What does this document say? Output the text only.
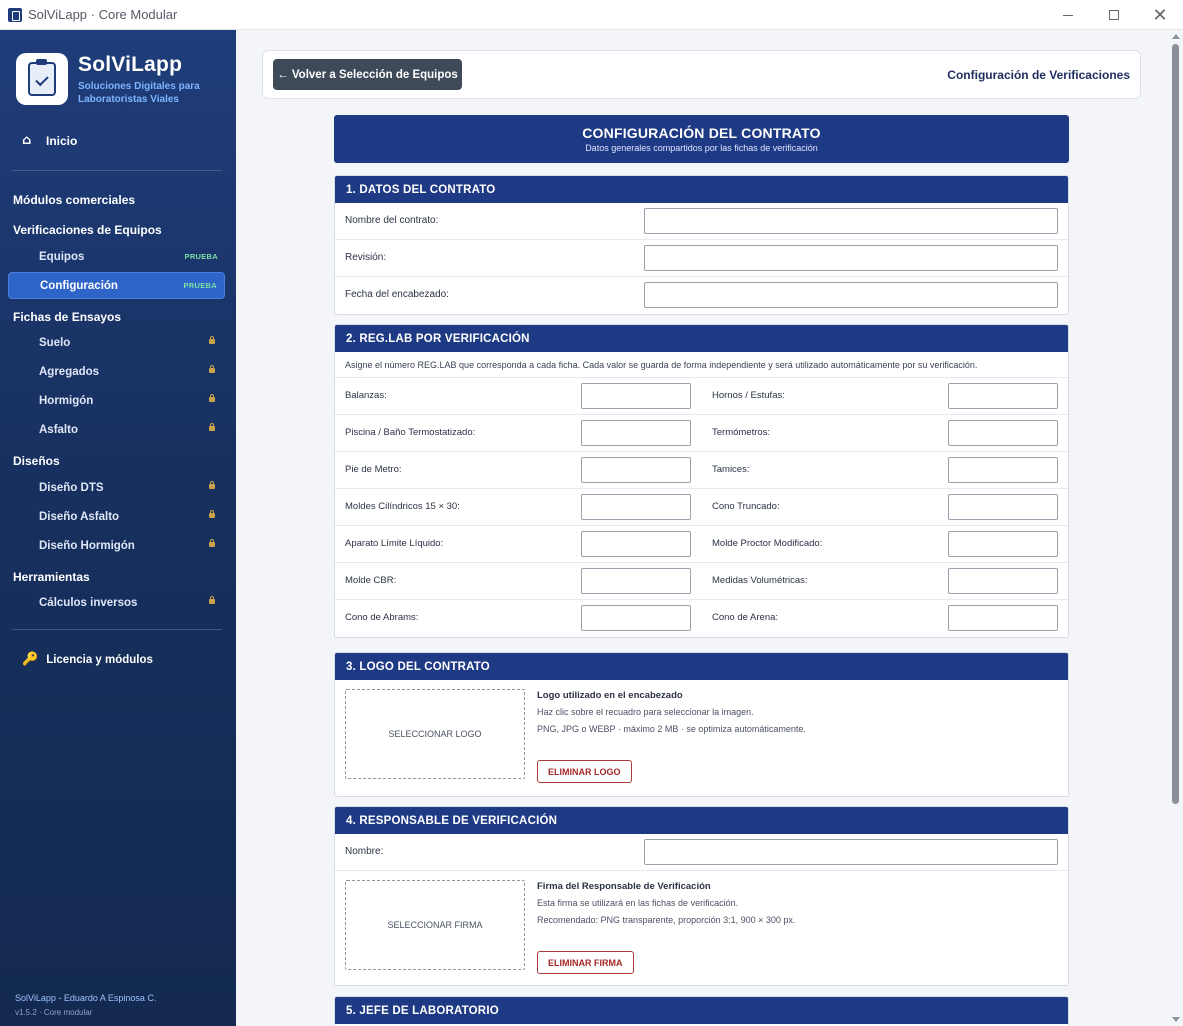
SolViLapp · Core Modular	✕
SolViLapp
Soluciones Digitales para Laboratoristas Viales
⌂	Inicio
Módulos comerciales
Verificaciones de Equipos
Equipos	PRUEBA
Configuración	PRUEBA
Fichas de Ensayos
Suelo
Agregados
Hormigón
Asfalto
Diseños
Diseño DTS
Diseño Asfalto
Diseño Hormigón
Herramientas
Cálculos inversos
🔑 Licencia y módulos
SolViLapp - Eduardo A Espinosa C.
v1.5.2 · Core modular
← Volver a Selección de Equipos	Configuración de Verificaciones
CONFIGURACIÓN DEL CONTRATO
Datos generales compartidos por las fichas de verificación
1. DATOS DEL CONTRATO
Nombre del contrato:
Revisión:
Fecha del encabezado:
2. REG.LAB POR VERIFICACIÓN
Asigne el número REG.LAB que corresponda a cada ficha. Cada valor se guarda de forma independiente y será utilizado automáticamente por su verificación.
Balanzas:	Hornos / Estufas:
Piscina / Baño Termostatizado:	Termómetros:
Pie de Metro:	Tamices:
Moldes Cilíndricos 15 × 30:	Cono Truncado:
Aparato Límite Líquido:	Molde Proctor Modificado:
Molde CBR:	Medidas Volumétricas:
Cono de Abrams:	Cono de Arena:
3. LOGO DEL CONTRATO
SELECCIONAR LOGO
Logo utilizado en el encabezado
Haz clic sobre el recuadro para seleccionar la imagen.
PNG, JPG o WEBP · máximo 2 MB · se optimiza automáticamente.
ELIMINAR LOGO
4. RESPONSABLE DE VERIFICACIÓN
Nombre:
SELECCIONAR FIRMA
Firma del Responsable de Verificación
Esta firma se utilizará en las fichas de verificación.
Recomendado: PNG transparente, proporción 3:1, 900 × 300 px.
ELIMINAR FIRMA
5. JEFE DE LABORATORIO
